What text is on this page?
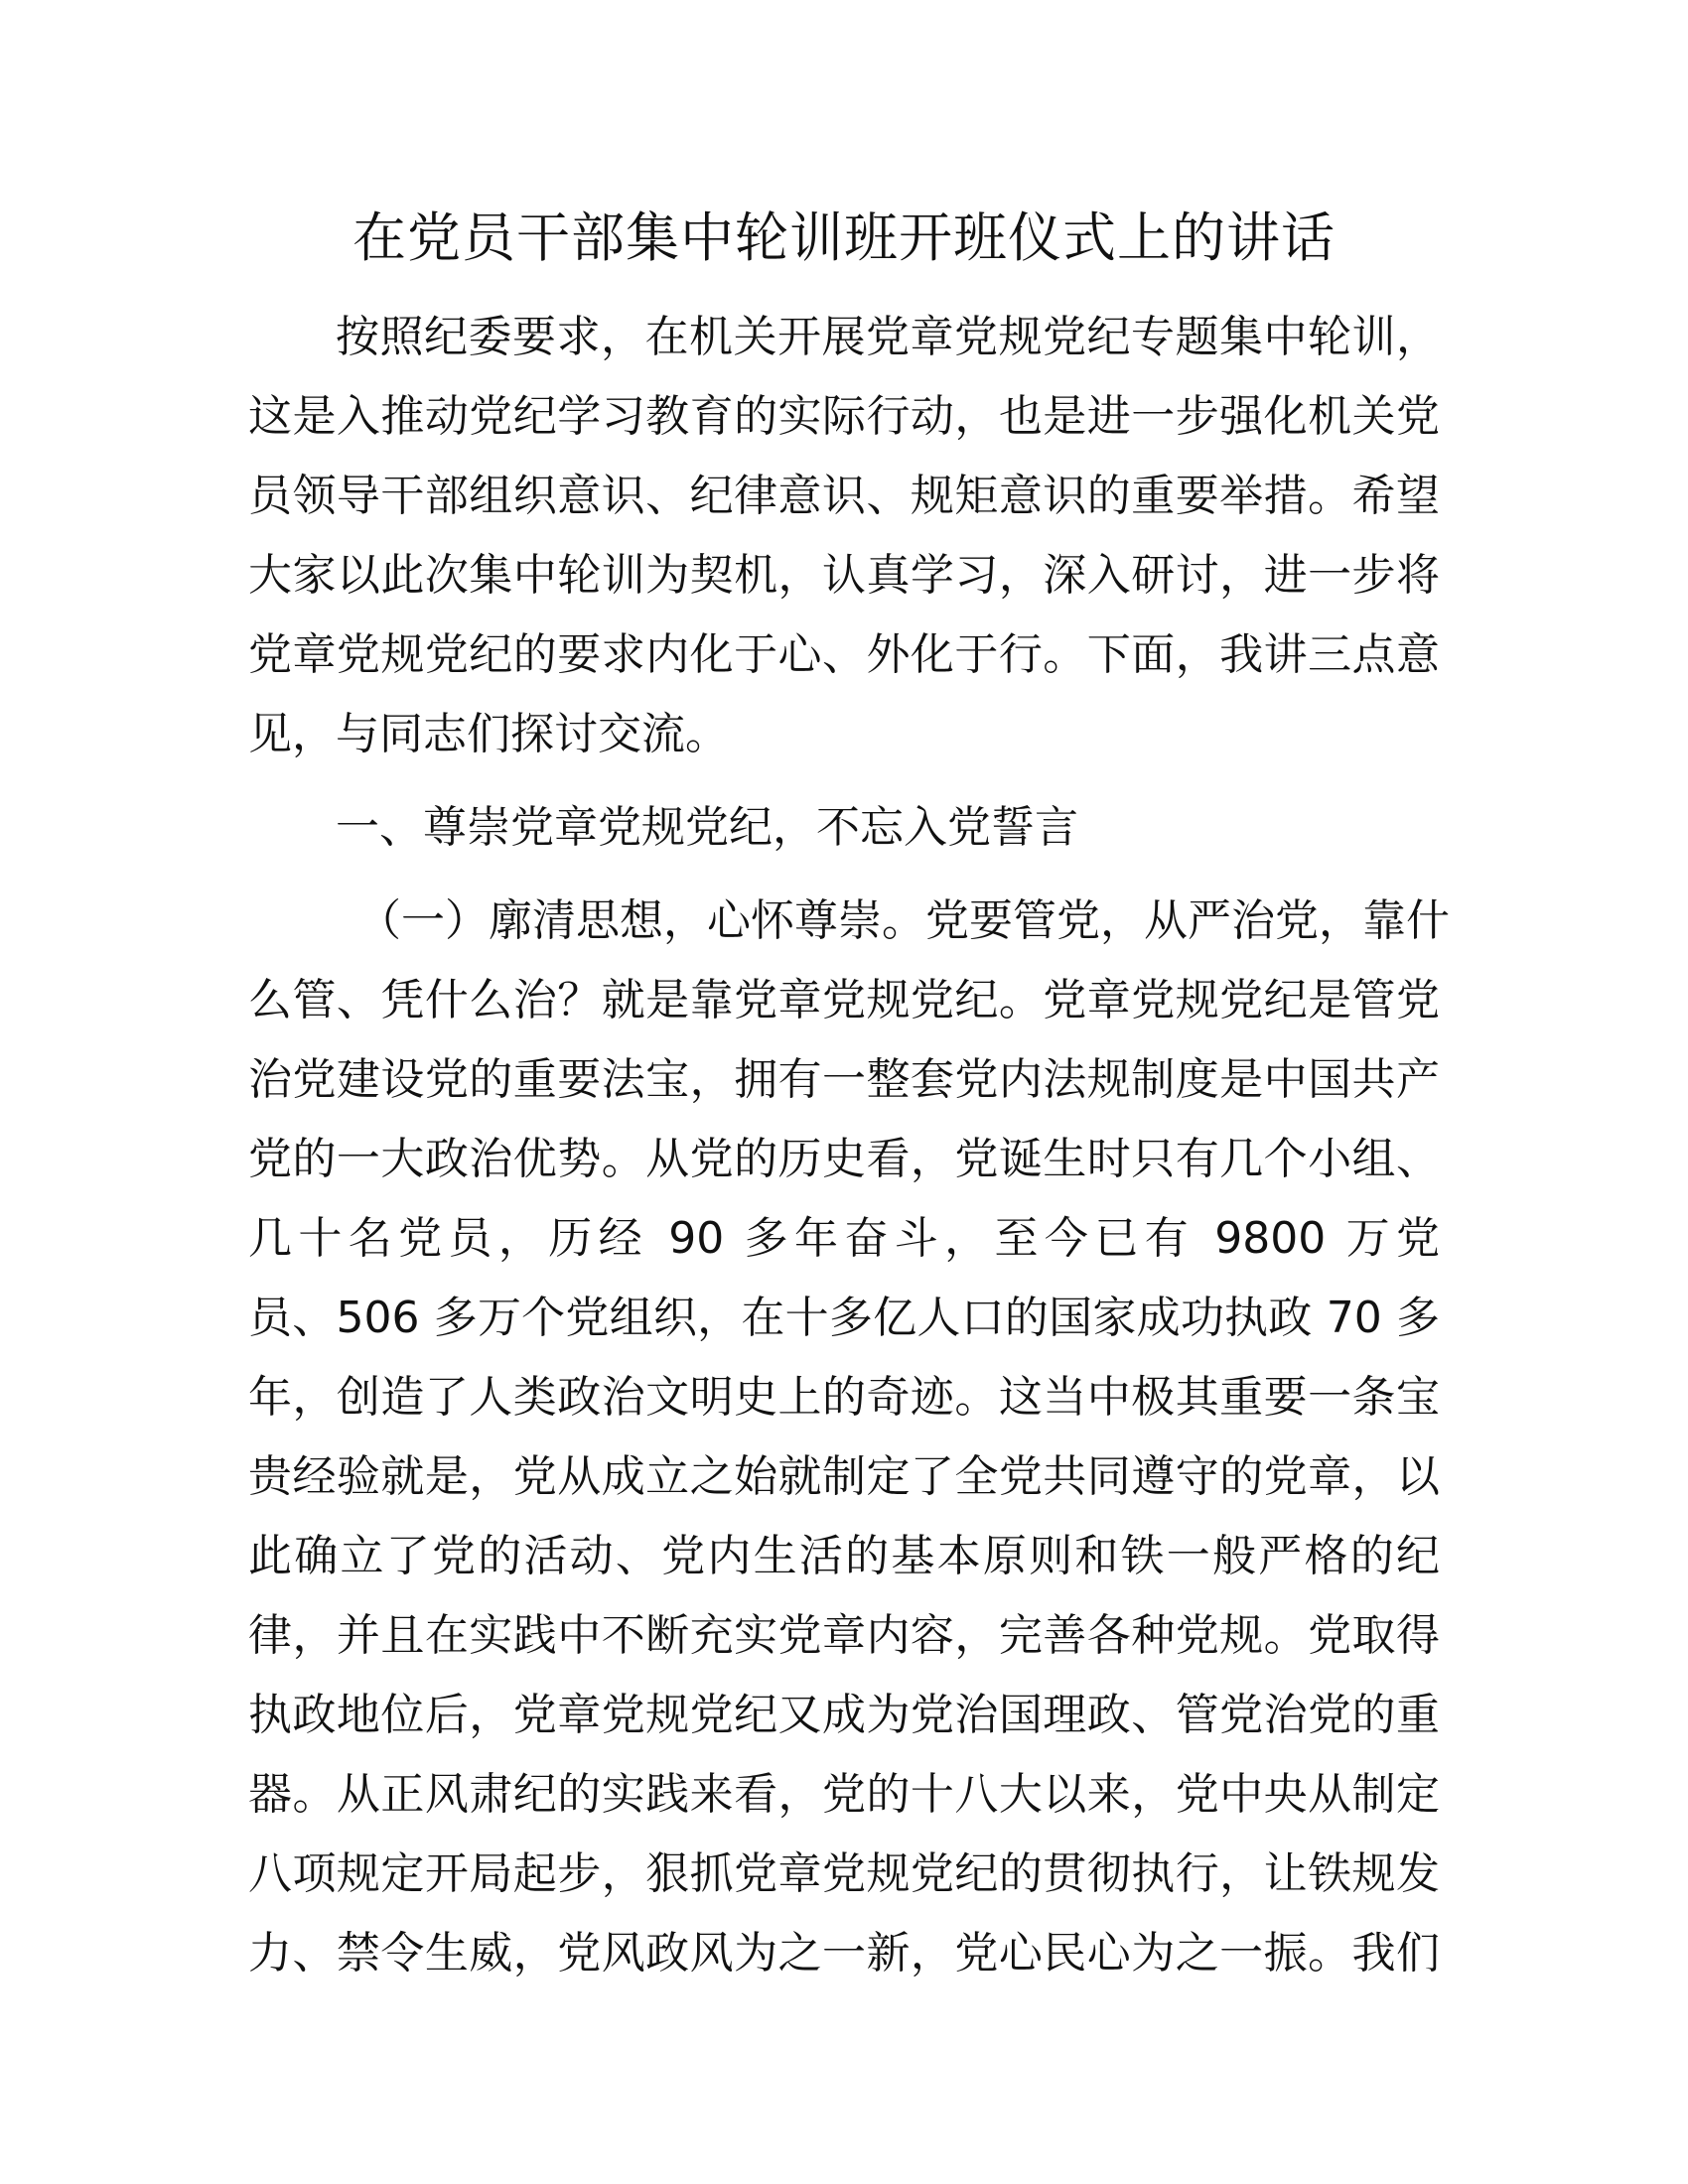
在党员干部集中轮训班开班仪式上的讲话
按照纪委要求，在机关开展党章党规党纪专题集中轮训，
这是入推动党纪学习教育的实际行动，也是进一步强化机关党
员领导干部组织意识、纪律意识、规矩意识的重要举措。希望
大家以此次集中轮训为契机，认真学习，深入研讨，进一步将
党章党规党纪的要求内化于心、外化于行。下面，我讲三点意
见，与同志们探讨交流。
一、尊崇党章党规党纪，不忘入党誓言
（一）廓清思想，心怀尊崇。党要管党，从严治党，靠什
么管、凭什么治？就是靠党章党规党纪。党章党规党纪是管党
治党建设党的重要法宝，拥有一整套党内法规制度是中国共产
党的一大政治优势。从党的历史看，党诞生时只有几个小组、
几十名党员，历经 90 多年奋斗，至今已有 9800 万党
员、506 多万个党组织，在十多亿人口的国家成功执政 70 多
年，创造了人类政治文明史上的奇迹。这当中极其重要一条宝
贵经验就是，党从成立之始就制定了全党共同遵守的党章，以
此确立了党的活动、党内生活的基本原则和铁一般严格的纪
律，并且在实践中不断充实党章内容，完善各种党规。党取得
执政地位后，党章党规党纪又成为党治国理政、管党治党的重
器。从正风肃纪的实践来看，党的十八大以来，党中央从制定
八项规定开局起步，狠抓党章党规党纪的贯彻执行，让铁规发
力、禁令生威，党风政风为之一新，党心民心为之一振。我们
